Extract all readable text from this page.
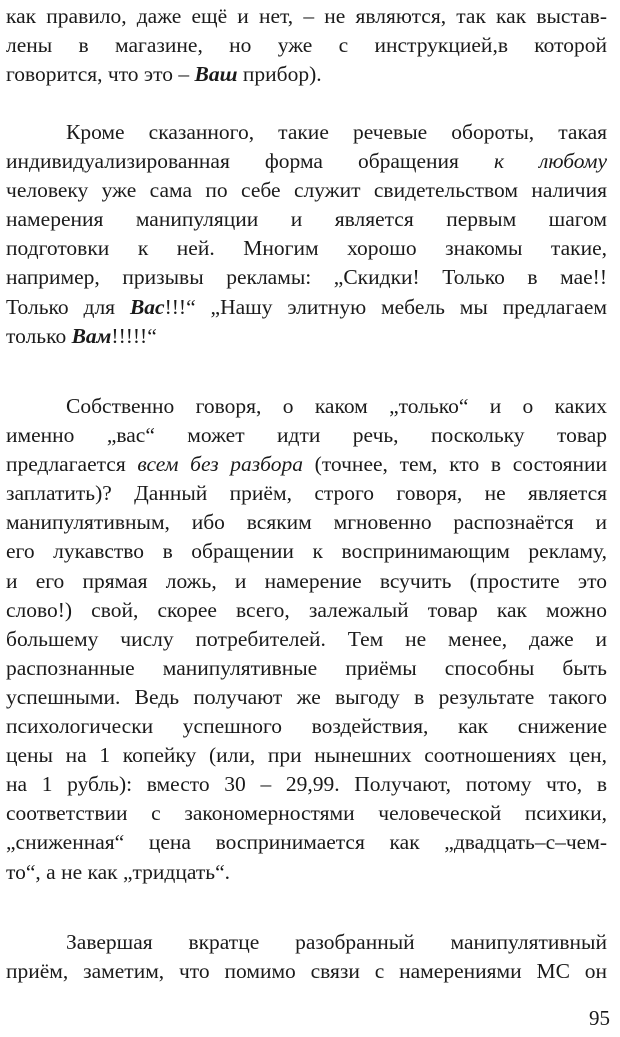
как правило, даже ещё и нет, – не являются, так как выстав-
лены в магазине, но уже с инструкцией,в которой
говорится, что это – Ваш прибор).
Кроме сказанного, такие речевые обороты, такая
индивидуализированная форма обращения к любому
человеку уже сама по себе служит свидетельством наличия
намерения манипуляции и является первым шагом
подготовки к ней. Многим хорошо знакомы такие,
например, призывы рекламы: „Скидки! Только в мае!!
Только для Вас!!!“ „Нашу элитную мебель мы предлагаем
только Вам!!!!!“
Собственно говоря, о каком „только“ и о каких
именно „вас“ может идти речь, поскольку товар
предлагается всем без разбора (точнее, тем, кто в состоянии
заплатить)? Данный приём, строго говоря, не является
манипулятивным, ибо всяким мгновенно распознаётся и
его лукавство в обращении к воспринимающим рекламу,
и его прямая ложь, и намерение всучить (простите это
слово!) свой, скорее всего, залежалый товар как можно
большему числу потребителей. Тем не менее, даже и
распознанные манипулятивные приёмы способны быть
успешными. Ведь получают же выгоду в результате такого
психологически успешного воздействия, как снижение
цены на 1 копейку (или, при нынешних соотношениях цен,
на 1 рубль): вместо 30 – 29,99. Получают, потому что, в
соответствии с закономерностями человеческой психики,
„сниженная“ цена воспринимается как „двадцать–с–чем-
то“, а не как „тридцать“.
Завершая вкратце разобранный манипулятивный
приём, заметим, что помимо связи с намерениями МС он
95
